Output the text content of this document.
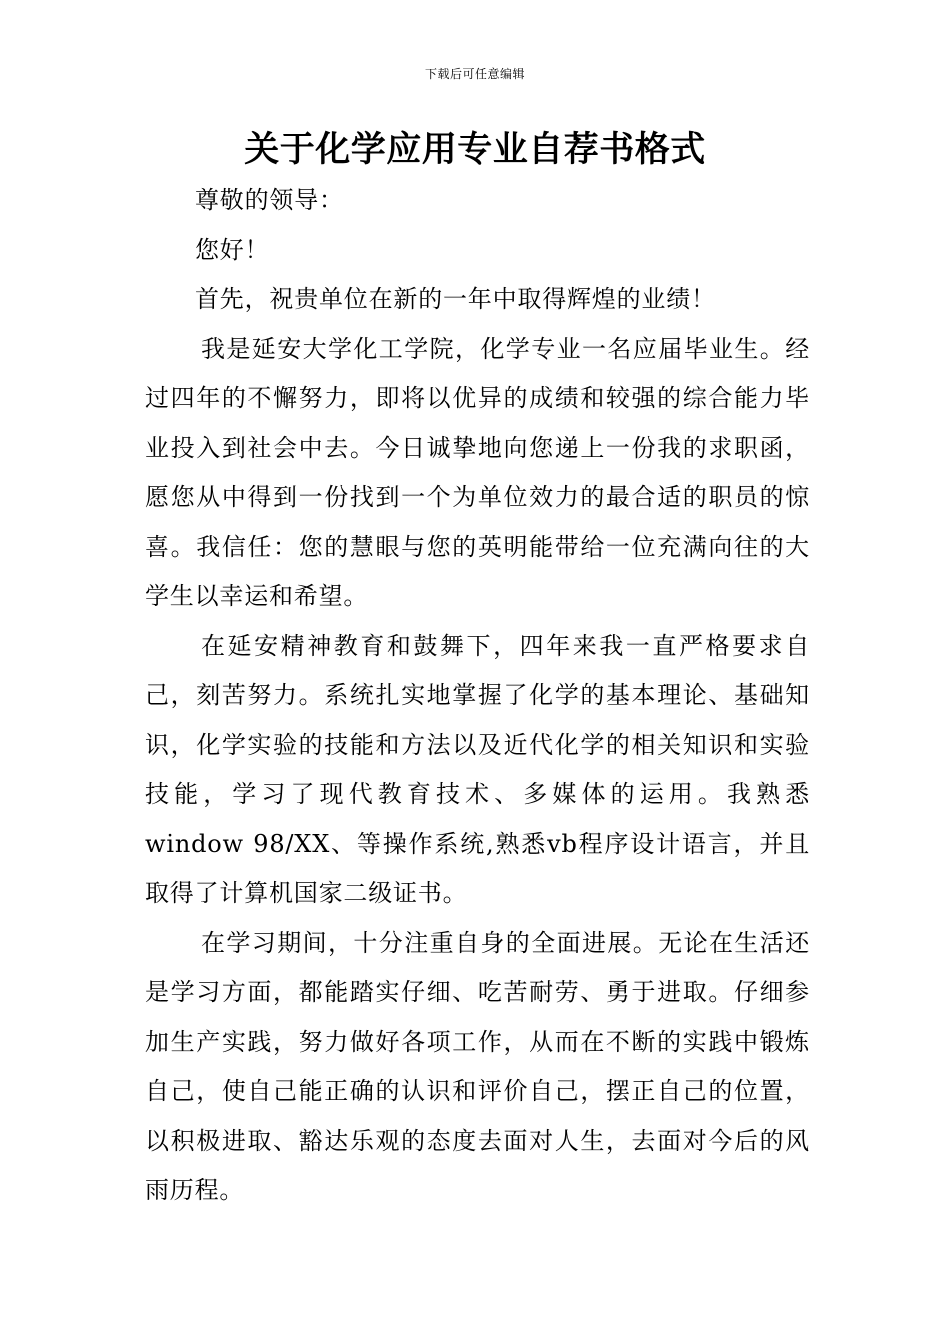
下载后可任意编辑
关于化学应用专业自荐书格式

尊敬的领导：

您好！

首先，祝贵单位在新的一年中取得辉煌的业绩！

我是延安大学化工学院，化学专业一名应届毕业生。经过四年的不懈努力，即将以优异的成绩和较强的综合能力毕业投入到社会中去。今日诚挚地向您递上一份我的求职函，愿您从中得到一份找到一个为单位效力的最合适的职员的惊喜。我信任：您的慧眼与您的英明能带给一位充满向往的大学生以幸运和希望。

在延安精神教育和鼓舞下，四年来我一直严格要求自己，刻苦努力。系统扎实地掌握了化学的基本理论、基础知识，化学实验的技能和方法以及近代化学的相关知识和实验技能，学习了现代教育技术、多媒体的运用。我熟悉window 98/XX、等操作系统,熟悉vb程序设计语言，并且取得了计算机国家二级证书。

在学习期间，十分注重自身的全面进展。无论在生活还是学习方面，都能踏实仔细、吃苦耐劳、勇于进取。仔细参加生产实践，努力做好各项工作，从而在不断的实践中锻炼自己，使自己能正确的认识和评价自己，摆正自己的位置，以积极进取、豁达乐观的态度去面对人生，去面对今后的风雨历程。
